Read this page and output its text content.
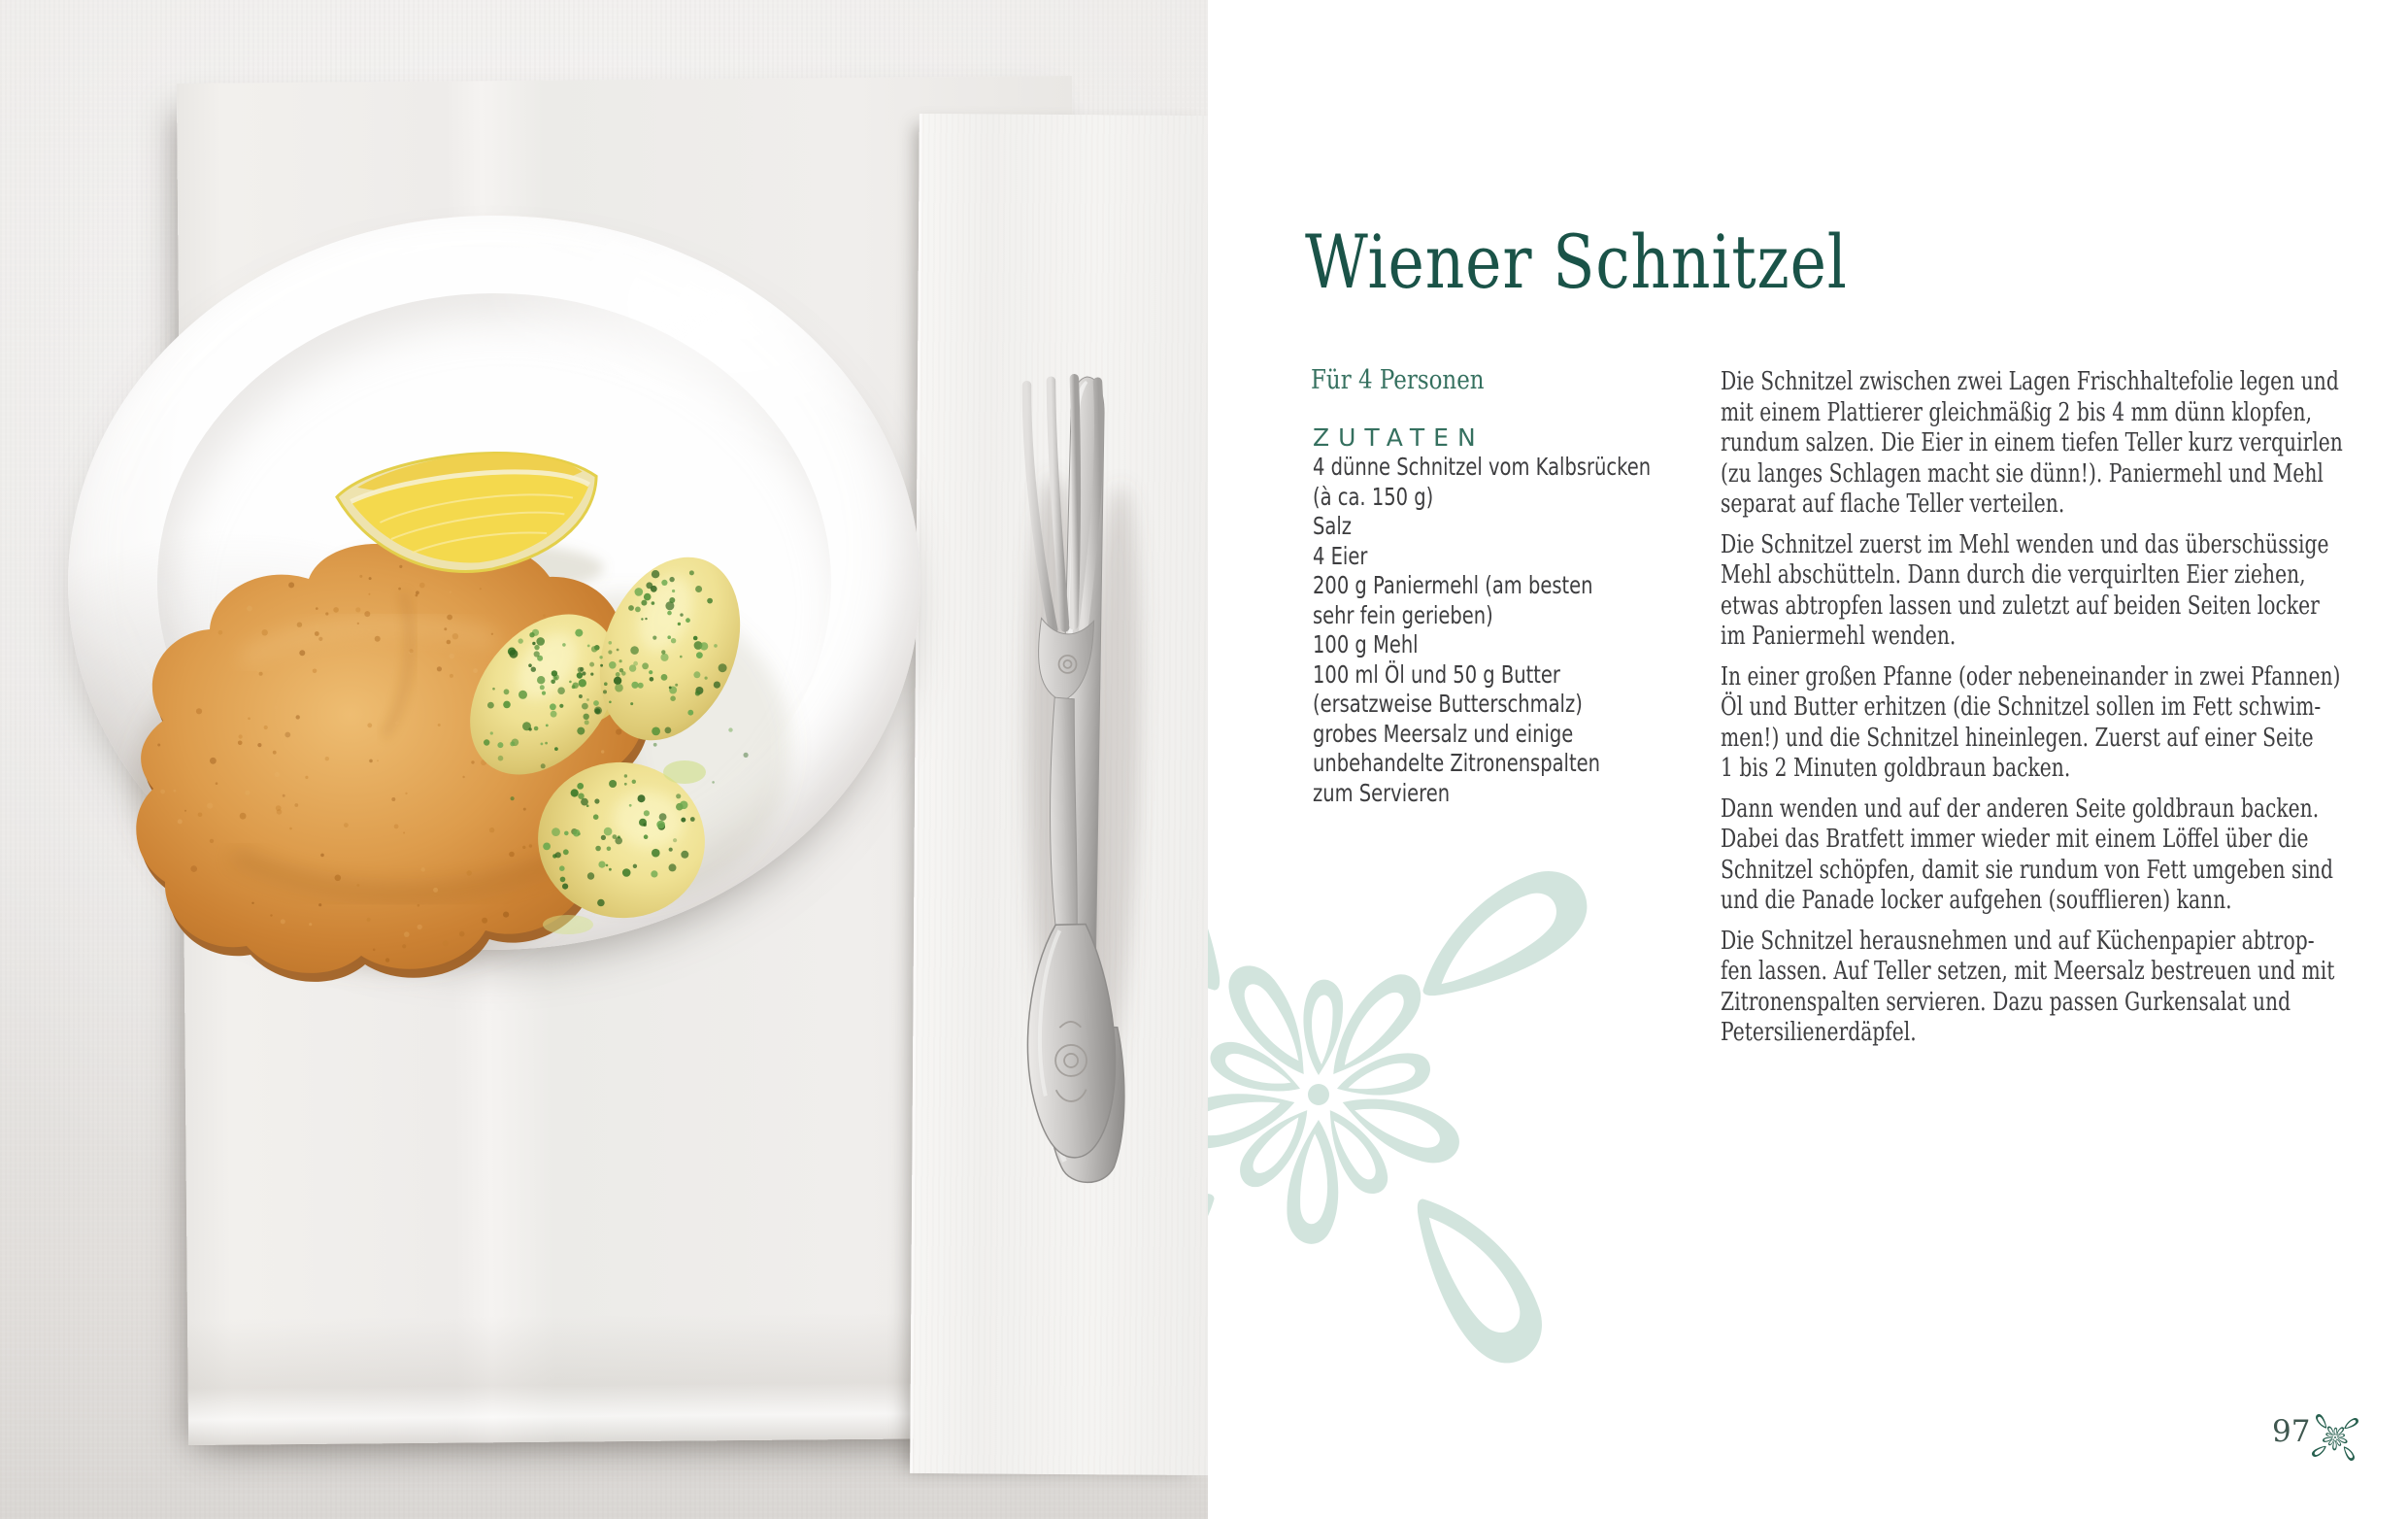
Wiener Schnitzel
Für 4 Personen
ZUTATEN
4 dünne Schnitzel vom Kalbsrücken
(à ca. 150 g)
Salz
4 Eier
200 g Paniermehl (am besten
sehr fein gerieben)
100 g Mehl
100 ml Öl und 50 g Butter
(ersatzweise Butterschmalz)
grobes Meersalz und einige
unbehandelte Zitronenspalten
zum Servieren

Die Schnitzel zwischen zwei Lagen Frischhaltefolie legen und
mit einem Plattierer gleichmäßig 2 bis 4 mm dünn klopfen,
rundum salzen. Die Eier in einem tiefen Teller kurz verquirlen
(zu langes Schlagen macht sie dünn!). Paniermehl und Mehl
separat auf flache Teller verteilen.

Die Schnitzel zuerst im Mehl wenden und das überschüssige
Mehl abschütteln. Dann durch die verquirlten Eier ziehen,
etwas abtropfen lassen und zuletzt auf beiden Seiten locker
im Paniermehl wenden.

In einer großen Pfanne (oder nebeneinander in zwei Pfannen)
Öl und Butter erhitzen (die Schnitzel sollen im Fett schwim-
men!) und die Schnitzel hineinlegen. Zuerst auf einer Seite
1 bis 2 Minuten goldbraun backen.

Dann wenden und auf der anderen Seite goldbraun backen.
Dabei das Bratfett immer wieder mit einem Löffel über die
Schnitzel schöpfen, damit sie rundum von Fett umgeben sind
und die Panade locker aufgehen (soufflieren) kann.

Die Schnitzel herausnehmen und auf Küchenpapier abtrop-
fen lassen. Auf Teller setzen, mit Meersalz bestreuen und mit
Zitronenspalten servieren. Dazu passen Gurkensalat und
Petersilienerdäpfel.

97
